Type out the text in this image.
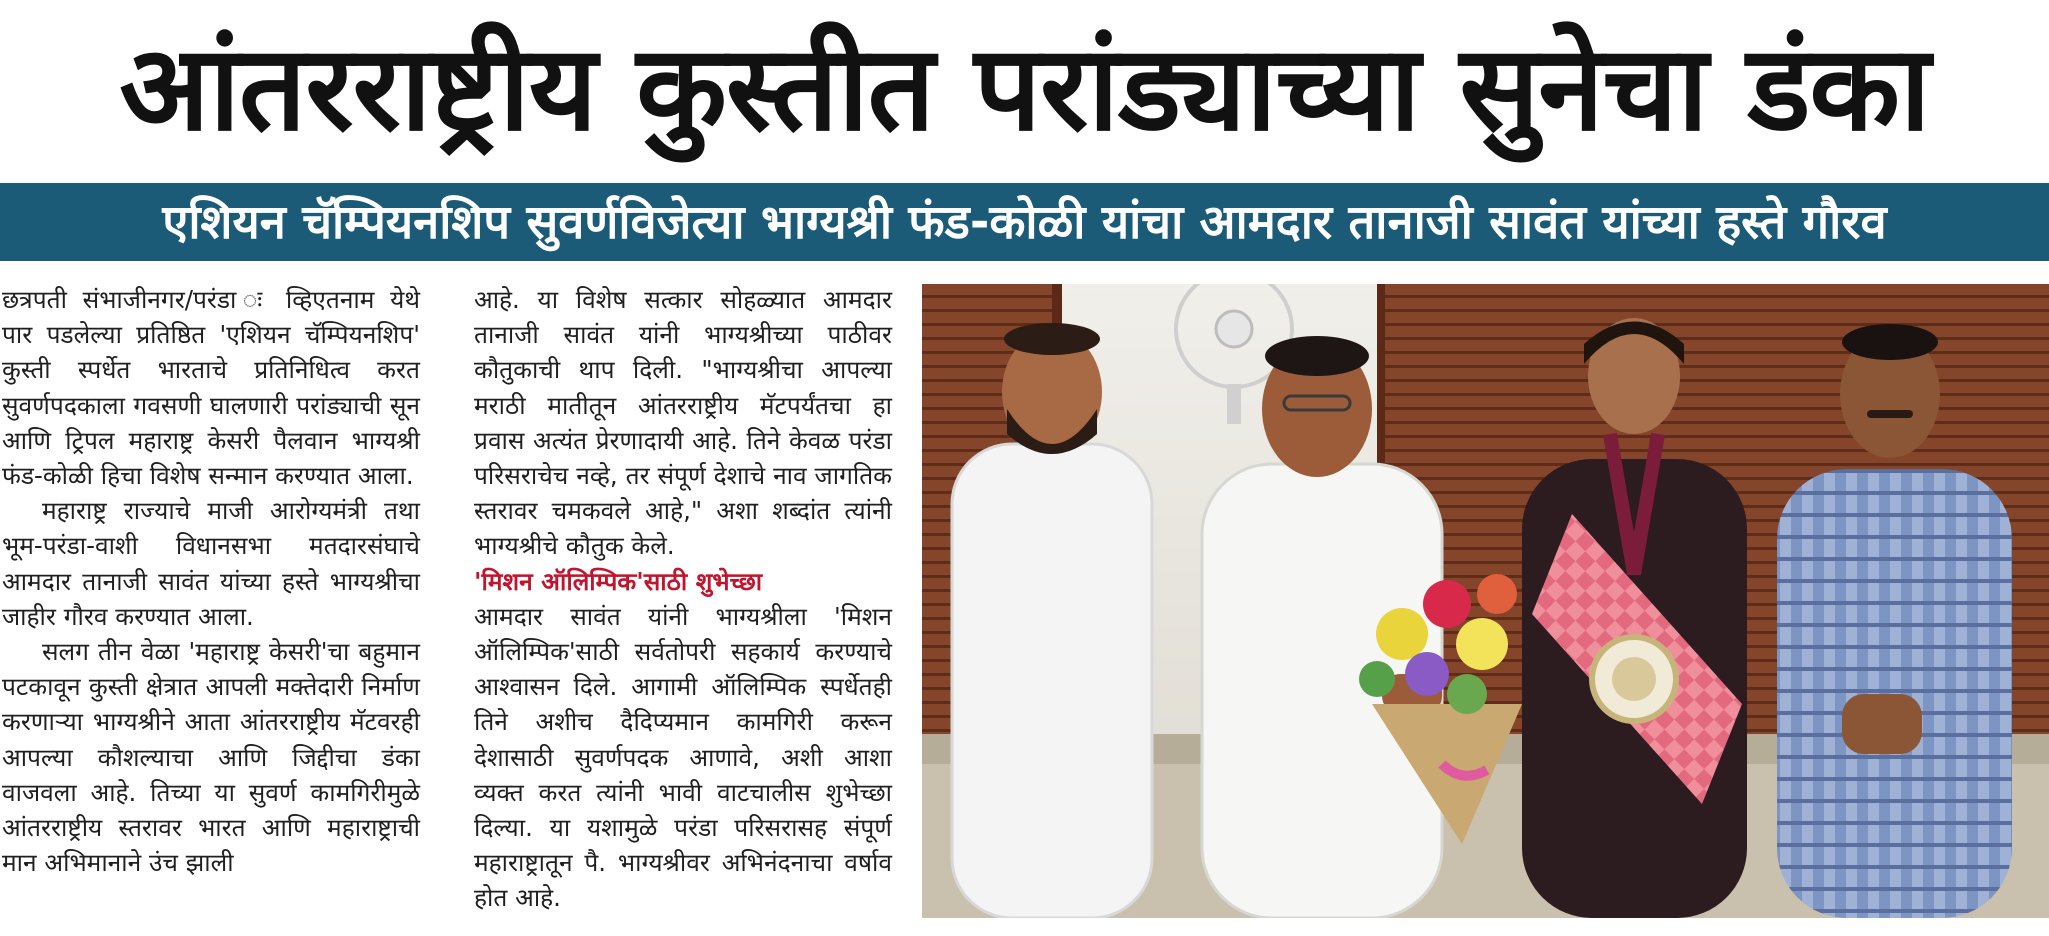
आंतरराष्ट्रीय कुस्तीत परांड्याच्या सुनेचा डंका
एशियन चॅम्पियनशिप सुवर्णविजेत्या भाग्यश्री फंड-कोळी यांचा आमदार तानाजी सावंत यांच्या हस्ते गौरव

छत्रपती संभाजीनगर/परंडा ः व्हिएतनाम येथे पार पडलेल्या प्रतिष्ठित 'एशियन चॅम्पियनशिप' कुस्ती स्पर्धेत भारताचे प्रतिनिधित्व करत सुवर्णपदकाला गवसणी घालणारी परांड्याची सून आणि ट्रिपल महाराष्ट्र केसरी पैलवान भाग्यश्री फंड-कोळी हिचा विशेष सन्मान करण्यात आला.

महाराष्ट्र राज्याचे माजी आरोग्यमंत्री तथा भूम-परंडा-वाशी विधानसभा मतदारसंघाचे आमदार तानाजी सावंत यांच्या हस्ते भाग्यश्रीचा जाहीर गौरव करण्यात आला.

सलग तीन वेळा 'महाराष्ट्र केसरी'चा बहुमान पटकावून कुस्ती क्षेत्रात आपली मक्तेदारी निर्माण करणाऱ्या भाग्यश्रीने आता आंतरराष्ट्रीय मॅटवरही आपल्या कौशल्याचा आणि जिद्दीचा डंका वाजवला आहे. तिच्या या सुवर्ण कामगिरीमुळे आंतरराष्ट्रीय स्तरावर भारत आणि महाराष्ट्राची मान अभिमानाने उंच झाली

आहे. या विशेष सत्कार सोहळ्यात आमदार तानाजी सावंत यांनी भाग्यश्रीच्या पाठीवर कौतुकाची थाप दिली. "भाग्यश्रीचा आपल्या मराठी मातीतून आंतरराष्ट्रीय मॅटपर्यंतचा हा प्रवास अत्यंत प्रेरणादायी आहे. तिने केवळ परंडा परिसराचेच नव्हे, तर संपूर्ण देशाचे नाव जागतिक स्तरावर चमकवले आहे," अशा शब्दांत त्यांनी भाग्यश्रीचे कौतुक केले.

'मिशन ऑलिम्पिक'साठी शुभेच्छा

आमदार सावंत यांनी भाग्यश्रीला 'मिशन ऑलिम्पिक'साठी सर्वतोपरी सहकार्य करण्याचे आश्वासन दिले. आगामी ऑलिम्पिक स्पर्धेतही तिने अशीच दैदिप्यमान कामगिरी करून देशासाठी सुवर्णपदक आणावे, अशी आशा व्यक्त करत त्यांनी भावी वाटचालीस शुभेच्छा दिल्या. या यशामुळे परंडा परिसरासह संपूर्ण महाराष्ट्रातून पै. भाग्यश्रीवर अभिनंदनाचा वर्षाव होत आहे.
